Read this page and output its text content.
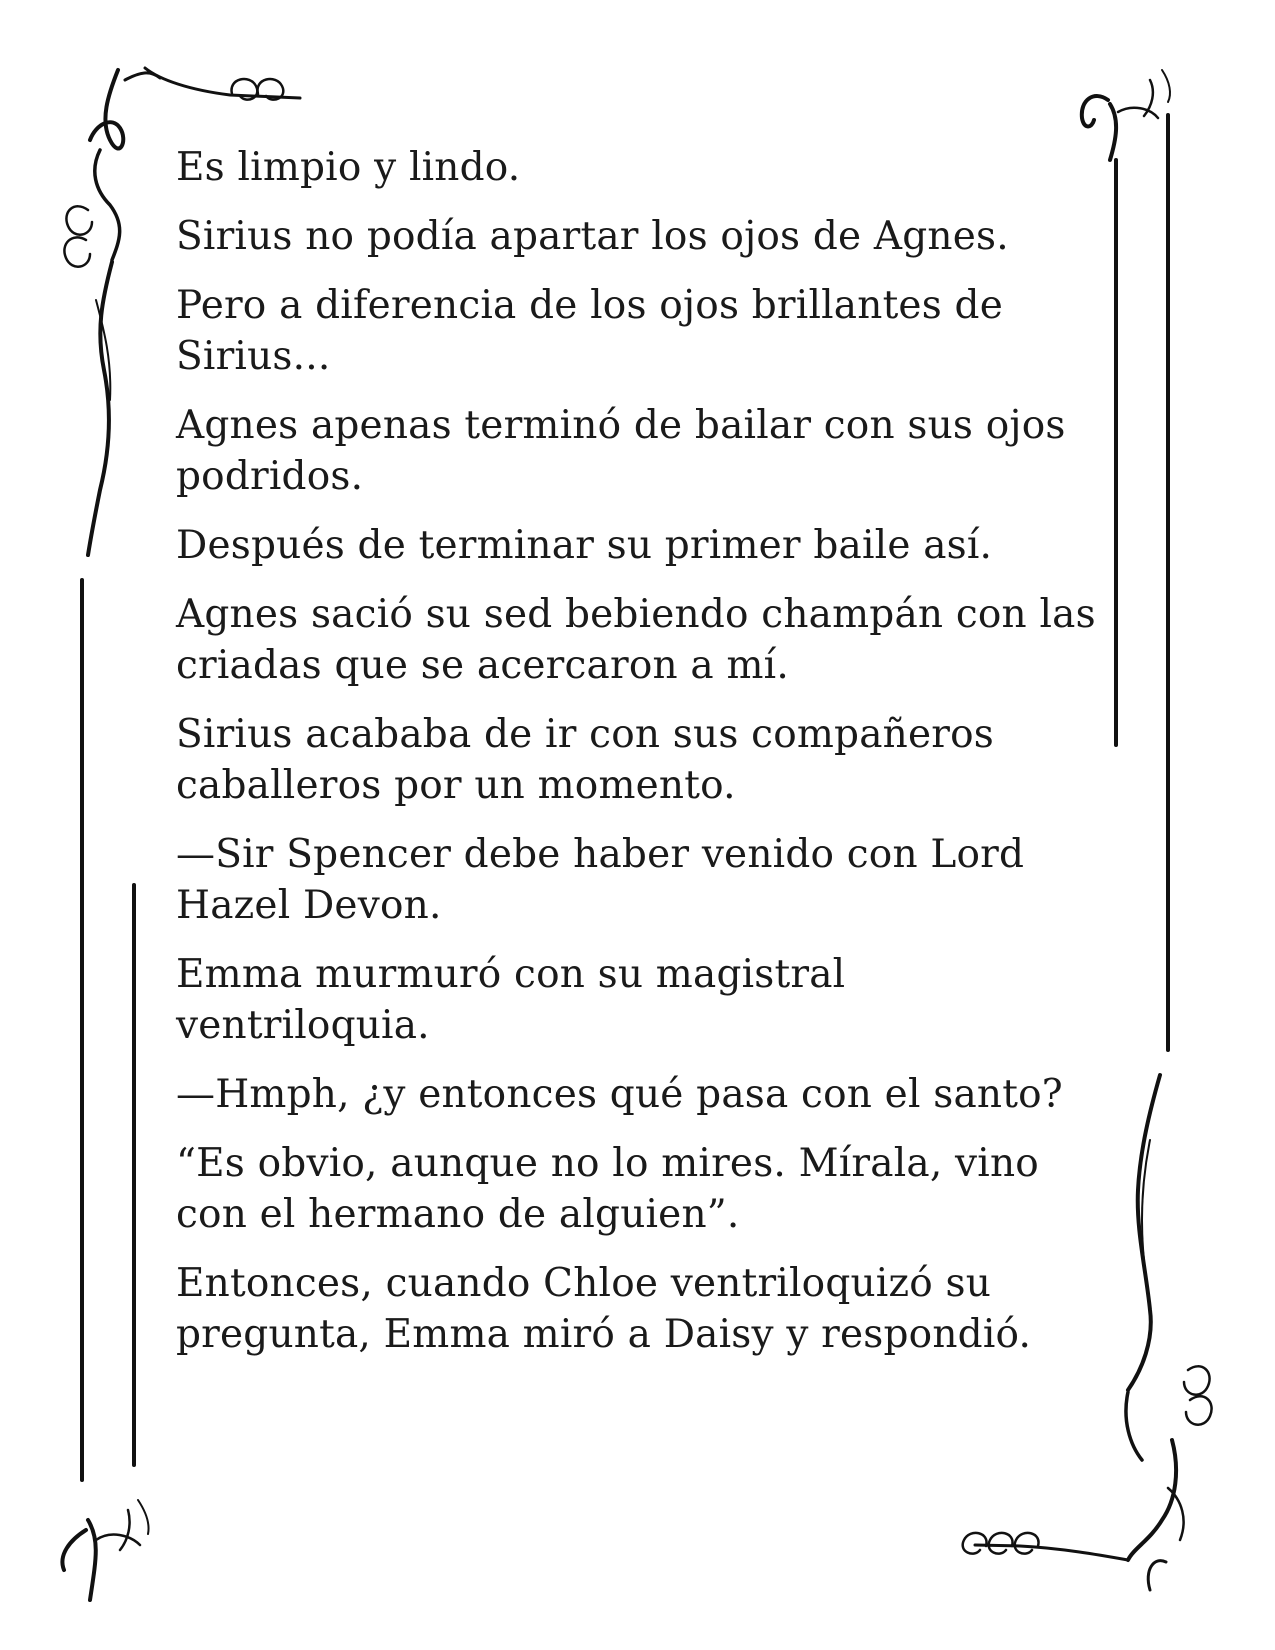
Es limpio y lindo.

Sirius no podía apartar los ojos de Agnes.

Pero a diferencia de los ojos brillantes de Sirius...

Agnes apenas terminó de bailar con sus ojos podridos.

Después de terminar su primer baile así.

Agnes sació su sed bebiendo champán con las criadas que se acercaron a mí.

Sirius acababa de ir con sus compañeros caballeros por un momento.

—Sir Spencer debe haber venido con Lord Hazel Devon.

Emma murmuró con su magistral ventriloquia.

—Hmph, ¿y entonces qué pasa con el santo?

“Es obvio, aunque no lo mires. Mírala, vino con el hermano de alguien”.

Entonces, cuando Chloe ventriloquizó su pregunta, Emma miró a Daisy y respondió.
